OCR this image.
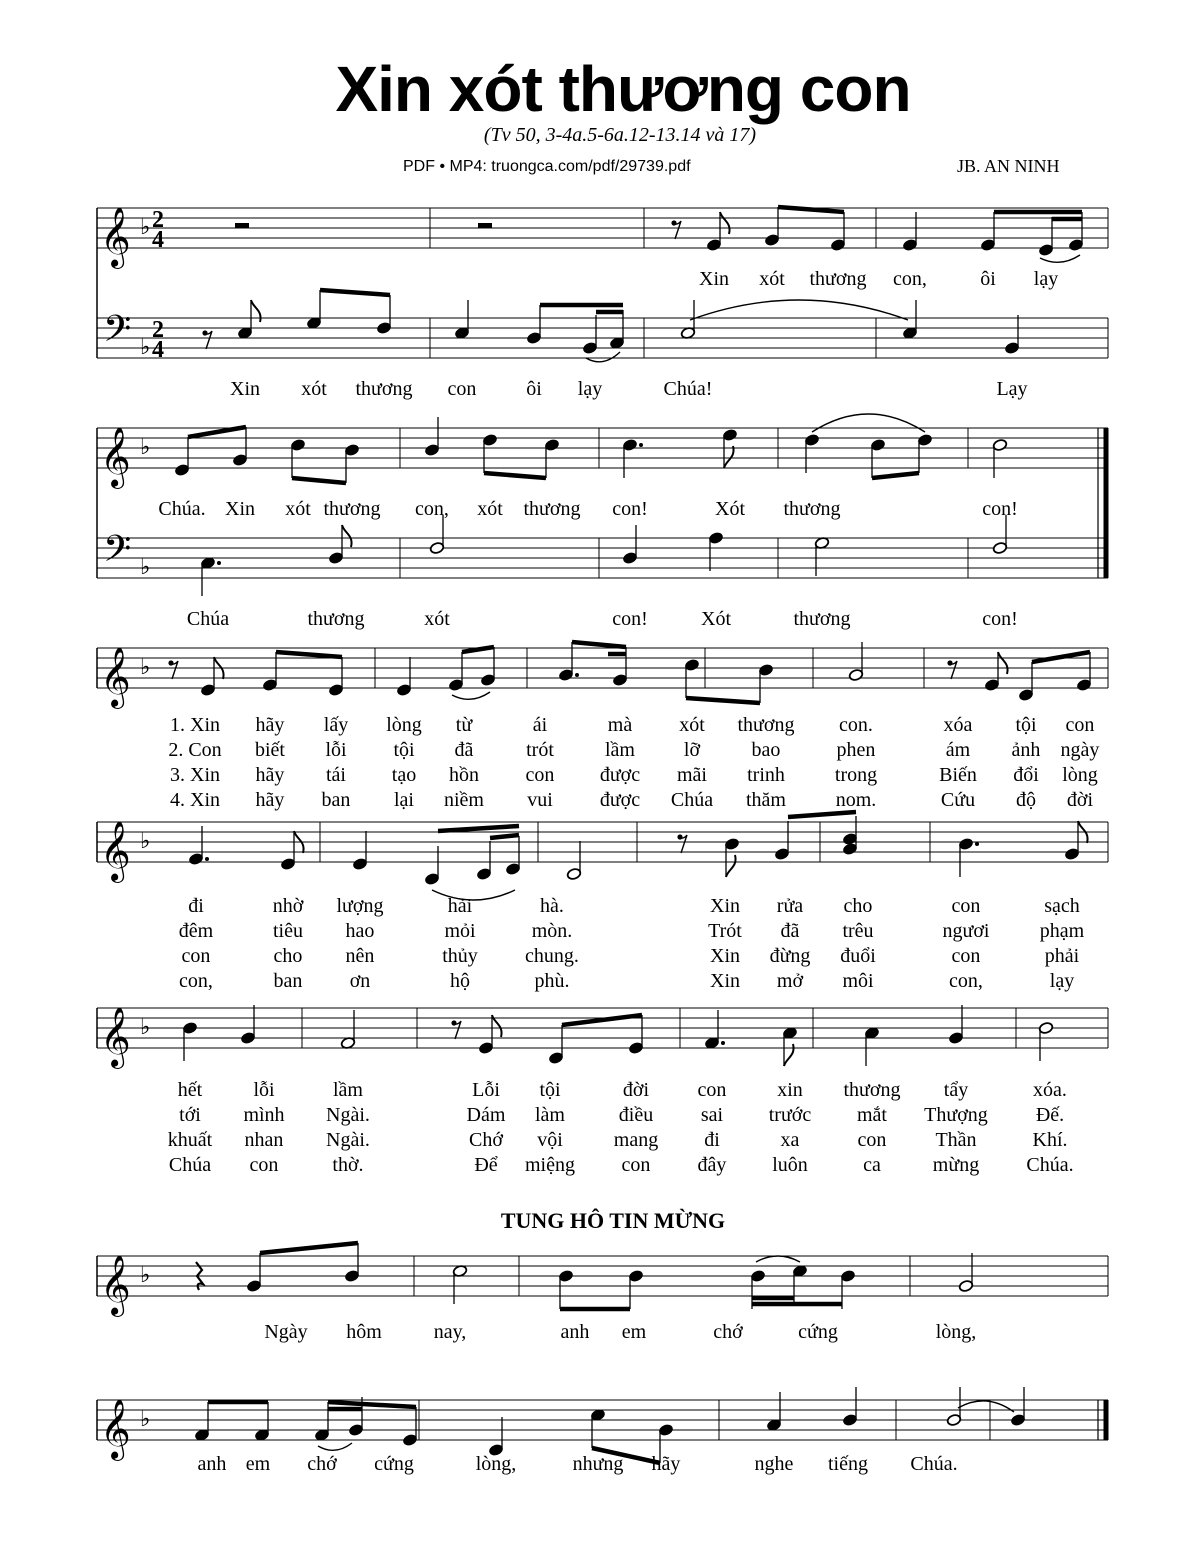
Xin xót thương con
(Tv 50, 3-4a.5-6a.12-13.14 và 17)
PDF • MP4: truongca.com/pdf/29739.pdf	JB. AN NINH
TUNG HÔ TIN MỪNG
𝄞
𝄢
♭
♭
2
4
2
4
𝄞
𝄢
♭
♭
𝄞 ♭
𝄞 ♭
𝄞 ♭
𝄞 ♭
𝄞 ♭
Xin xót thương con,	ôi lạy
Xin xót thương con ôi lạy	Chúa!	Lạy
Chúa. Xin xót thương con, xót thương con!	Xót thương	con!
Chúa	thương	xót	con!	Xót	thương	con!
1. Xin hãy lấy lòng từ	ái	mà xót thương con.	xóa tội con
đi	nhờ lượng	hải	hà.	Xin rửa cho	con	sạch
hết	lỗi	lầm	Lỗi tội	đời con	xin thương tẩy	xóa.
2. Con biết lỗi tội đã	trót	lầm lỡ	bao	phen	ám ảnh ngày
đêm	tiêu hao	mỏi	mòn.	Trót đã trêu	ngươi	phạm
tới mình Ngài.	Dám làm	điều sai trước mắt Thượng Đế.
3. Xin hãy tái tạo hồn con được mãi trinh	trong	Biến đổi lòng
con	cho nên	thủy chung.	Xin đừng đuổi	con	phải
khuất nhan Ngài.	Chớ vội	mang đi	xa	con Thần	Khí.
4. Xin hãy ban lại niềm vui được Chúa thăm nom.	Cứu độ đời
con,	ban ơn	hộ	phù.	Xin mở môi	con,	lạy
Chúa con	thờ.	Để miệng con đây luôn	ca	mừng Chúa.
Ngày hôm	nay,	anh em	chớ	cứng	lòng,
anh em chớ cứng	lòng,	nhưng hãy	nghe tiếng Chúa.
